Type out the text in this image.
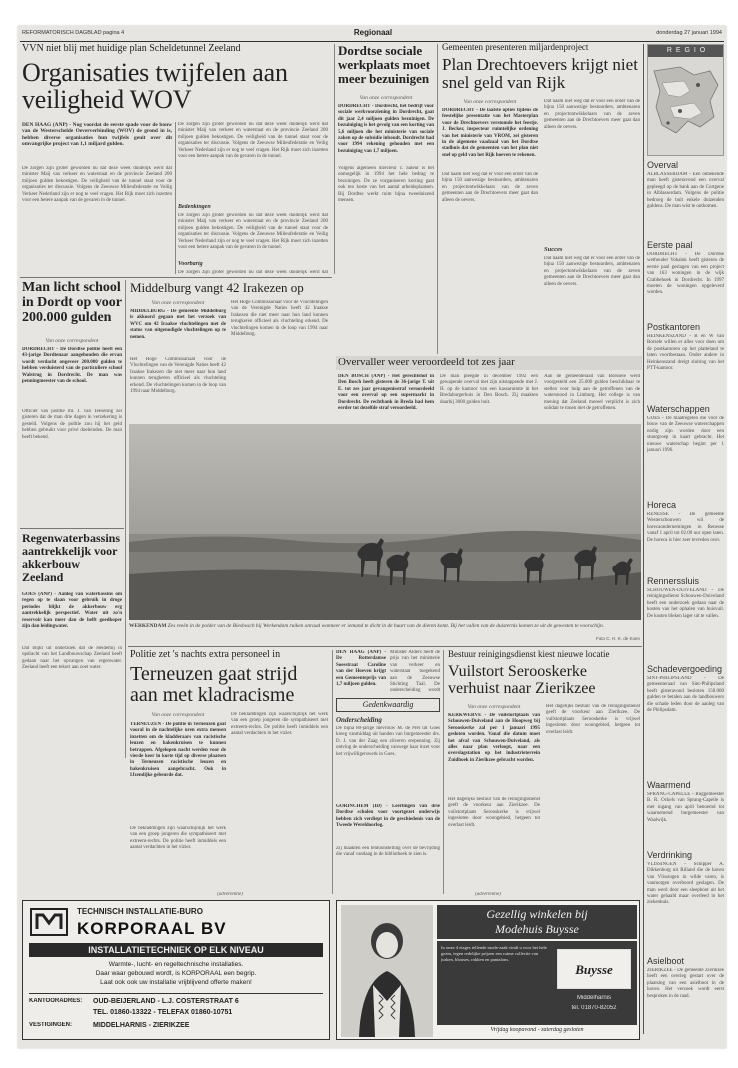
REFORMATORISCH DAGBLAD pagina 4	Regionaal	donderdag 27 januari 1994
VVN niet blij met huidige plan Scheldetunnel Zeeland
Organisaties twijfelen aan veiligheid WOV
DEN HAAG (ANP) - Nog voordat de eerste spade voor de bouw van de Westerschelde Oeververbinding (WOV) de grond in is, hebben diverse organisaties hun twijfels geuit over dit omvangrijke project van 1,1 miljard gulden.
De zorgen zijn groter geworden nu dat deze week duidelijk werd dat minister Maij van verkeer en waterstaat en de provincie Zeeland 200 miljoen gulden bekostigen. De veiligheid van de tunnel staat voor de organisaties ter discussie. Volgens de Zeeuwse Milieufederatie en Veilig Verkeer Nederland zijn er nog te veel vragen. Het Rijk moet zich inzetten voor een betere aanpak van de gevaren in de tunnel.
De zorgen zijn groter geworden nu dat deze week duidelijk werd dat minister Maij van verkeer en waterstaat en de provincie Zeeland 200 miljoen gulden bekostigen. De veiligheid van de tunnel staat voor de organisaties ter discussie. Volgens de Zeeuwse Milieufederatie en Veilig Verkeer Nederland zijn er nog te veel vragen. Het Rijk moet zich inzetten voor een betere aanpak van de gevaren in de tunnel.
Bedenkingen
De zorgen zijn groter geworden nu dat deze week duidelijk werd dat minister Maij van verkeer en waterstaat en de provincie Zeeland 200 miljoen gulden bekostigen. De veiligheid van de tunnel staat voor de organisaties ter discussie. Volgens de Zeeuwse Milieufederatie en Veilig Verkeer Nederland zijn er nog te veel vragen. Het Rijk moet zich inzetten voor een betere aanpak van de gevaren in de tunnel.
Voorbarig
De zorgen zijn groter geworden nu dat deze week duidelijk werd dat
Dordtse sociale werkplaats moet meer bezuinigen
Van onze correspondent
DORDRECHT - Dordrecht, het bedrijf voor sociale werkvoorziening in Dordrecht, gaat dit jaar 2,4 miljoen gulden bezuinigen. De bezuiniging is het gevolg van een korting van 5,6 miljoen die het ministerie van sociale zaken op de subsidie inboudt. Dordrecht had voor 1994 rekening gehouden met een bezuiniging van 1,7 miljoen.
Volgens algemeen directeur T. Sateur is het onmogelijk in 1994 het hele bedrag te bezuinigen. De ze vorganiseren korting gaat ook ten koste van het aantal arbeidsplaatsen. Bij Dordtse werkt ruim bijna tweeduizend mensen.
Gemeenten presenteren miljardenproject
Plan Drechtoevers krijgt niet snel geld van Rijk
Van onze correspondent
DORDRECHT - De laatste opties tijdens de feestelijke presentatie van het Masterplan voor de Drechtoevers verstomde het feestje. J. Becker, inspecteur ruimtelijke ordening van het ministerie van VROM, zei gisteren in de algemene vaadzaal van het Dordtse stadhuis dat de gemeenten van het plan niet snel op geld van het Rijk hoeven te rekenen.
Dat naam niet weg dat er voor een order van de bijna 150 aanwezige bestuurders, ambtenaren en projectontwikkelaars van de zeven gemeenten aan de Drechtoevers meer gaat dan alleen de oevers.
Dat naam niet weg dat er voor een order van de bijna 150 aanwezige bestuurders, ambtenaren en projectontwikkelaars van de zeven gemeenten aan de Drechtoevers meer gaat dan alleen de oevers.
Succes
Dat naam niet weg dat er voor een order van de bijna 150 aanwezige bestuurders, ambtenaren en projectontwikkelaars van de zeven gemeenten aan de Drechtoevers meer gaat dan alleen de oevers.
R E G I O
Overval
ALBLASSERDAM - Een onbekende man heeft gisteravond een overval gepleegd op de bank aan de Cortgene in Alblasserdam. Volgens de politie bedroeg de buit enkele duizenden guldens. De man wist te ontkomen.
Eerste paal
DORDRECHT - De Dordtse wethouder Vokaluk heeft gisteren de eerste paal geslagen van een project van 163 woningen in de wijk Crabbehoek in Dordrecht. In 1997 moeten de woningen opgeleverd worden.
Postkantoren
HEINKENSZAND - B en W van Borsele willen er alles voor doen om de postkantoren op het platteland te laten voortbestaan. Onder andere in Heinkenszand dreigt sluiting van het PTT-kantoor.
Waterschappen
GOES - De maatregelen die voor de bouw van de Zeeuwse waterschappen nodig zijn worden door een stuurgroep in kaart gebracht. Het nieuwe waterschap begint per 1 januari 1996.
Horeca
RENESSE - De gemeente Westerschouwen wil de horecaondernemingen in Renesse vanaf 1 april tot 02.00 uur open laten. De horeca is hier zeer tevreden over.
Rennerssluis
SCHOUWEN-DUIVELAND - De reinigingsdienst Schouwen-Duiveland heeft een onderzoek gedaan naar de kosten van het ophalen van huisvuil. De kosten bleken lager uit te vallen.
Schadevergoeding
SINT-PHILIPSLAND - De gemeenteraad van Sint-Philipsland heeft gisteravond besloten 150.000 gulden te betalen aan de landbouwers die schade leden door de aanleg van de Philipsdam.
Waarmend
SPRANG-CAPELLE - Ruggemeester B. R. Ockels van Sprang-Capelle is met ingang van april benoemd tot waarnemend burgemeester van Waalwijk.
Verdrinking
VLISSINGEN - Schipper A. Dikkenburg uit Rilland die de haven van Vlissingen in wilde varen, is vanmorgen overboord geslagen. De man werd door een sleepboot uit het water gehaald maar overleed in het ziekenhuis.
Asielboot
ZIERIKZEE - De gemeente Zierikzee heeft een overleg gestart over de plaatsing van een asielboot in de haven. Het verzoek wordt eerst besproken in de raad.
Man licht school in Dordt op voor 200.000 gulden
Van onze correspondent
DORDRECHT - De Dordtse politie heeft een 43-jarige Dordtenaar aangehouden die ervan wordt verdacht ongeveer 200.000 gulden te hebben verduisterd van de particuliere school Walstrug in Dordrecht. De man was penningmeester van de school.
Officier van justitie mr. J. van Teeseling zei gisteren dat de man drie dagen in verzekering is gesteld. Volgens de politie zou hij het geld hebben gebruikt voor privé doeleinden. De man heeft bekend.
Regenwaterbassins aantrekkelijk voor akkerbouw Zeeland
GOES (ANP) - Aanleg van waterbassins om regen op te slaan voor gebruik in droge periodes blijkt de akkerbouw erg aantrekkelijk perspectief. Water uit zo'n reservoir kan meer dan de helft goedkoper zijn dan leidingwater.
Dat blijkt uit onderzoek dat de Heidemij in opdracht van het Landbouwschap Zeeland heeft gedaan naar het opvangen van regenwater. Zeeland heeft een tekort aan zoet water.
Middelburg vangt 42 Irakezen op
Van onze correspondent
MIDDELBURG - De gemeente Middelburg is akkoord gegaan met het verzoek van WVC om 42 Iraakse vluchtelingen met de status van uitgenodigde vluchtelingen op te nemen.
Het Hoge Commissariaat voor de Vluchtelingen van de Verenigde Naties heeft 42 Iraakse Irakezen die niet meer naar hun land kunnen terugkeren officieel als vluchteling erkend. De vluchtelingen komen in de loop van 1994 naar Middelburg.
Het Hoge Commissariaat voor de Vluchtelingen van de Verenigde Naties heeft 42 Iraakse Irakezen die niet meer naar hun land kunnen terugkeren officieel als vluchteling erkend. De vluchtelingen komen in de loop van 1994 naar Middelburg.
Overvaller weer veroordeeld tot zes jaar
DEN BOSCH (ANP) - Het gerechtshof in Den Bosch heeft gisteren de 36-jarige T. uit E. tot zes jaar gevangenisstraf veroordeeld voor een overval op een supermarkt in Dordrecht. De rechtbank in Breda had hem eerder tot dezelfde straf veroordeeld.
De man pleegde in december 1992 een gewapende overval met zijn uitstappende met J. H. op de kantoor van een kassaruimte in het Bredaburgerhuis in Den Bosch. Zij maakten daarbij 3000 gulden buit.
Aan de gemeenteraad van Borssele werd voorgesteld een 25.000 gulden beschikbaar te stellen voor hulp aan de getroffenen van de watersnood in Limburg. Het college is van mening dat Zeeland moreel verplicht is zich solidair te tonen met de getroffenen.
WERKENDAM Zes reeën in de polder van de Biesbosch bij Werkendam ruiken onraad wanneer er iemand te dicht in de buurt van de dieren komt. Bij het vallen van de duisternis komen ze uit de gewesten te voorschijn.
Foto C. H. K. de Koen
Politie zet 's nachts extra personeel in
Terneuzen gaat strijd aan met kladracisme
Van onze correspondent
TERNEUZEN - De politie in Terneuzen gaat vooral in de nachtelijke uren extra mensen inzetten om de kladderaars van racistische leuzen en hakenkruisen te kunnen betrappen. Afgelopen nacht werden voor de vierde keer in korte tijd op diverse plaatsen in Terneuzen racistische leuzen en hakenkruisen aangebracht. Ook in IJzendijke gebeurde dat.
De bekladdingen zijn waarschijnlijk het werk van een groep jongeren die sympathiseert met extreem-rechts. De politie heeft inmiddels een aantal verdachten in het vizier.
De bekladdingen zijn waarschijnlijk het werk van een groep jongeren die sympathiseert met extreem-rechts. De politie heeft inmiddels een aantal verdachten in het vizier.
DEN HAAG (ANP) - De Rotterdamse Soesstraat Caroline van der Hoeven krijgt een Gemeenteprijs van 1,7 miljoen gulden.
Minister Alders heeft de prijs van het ministerie van verkeer en waterstaat toegekend aan de Zeeuwse Stichting Taal. De onderscheiding wordt
Gedenkwaardig
Onderscheiding
De bijna 80-jarige mevrouw M. de Prel uit Goes kreeg vanmiddag uit handen van burgemeester drs. D. J. van der Zaag een zilveren erepenning. Zij ontving de onderscheiding vanwege haar inzet voor het vrijwilligerswerk in Goes.
GORINCHEM (ID) - Leerlingen van drie Dordtse scholen voor voortgezet onderwijs hebben zich verdiept in de geschiedenis van de Tweede Wereldoorlog.
Zij maakten een tentoonstelling over de bevrijding die vanaf vandaag in de bibliotheek te zien is.
Bestuur reinigingsdienst kiest nieuwe locatie
Vuilstort Serooskerke verhuist naar Zierikzee
Van onze correspondent
KERKWERVE - De vuilstortplaats van Schouwen-Duiveland aan de Hoopweg bij Serooskerke zal per 1 januari 1995 gesloten worden. Vanaf die datum moet het afval van Schouwen-Duiveland, als alles naar plan verloopt, naar een overslagstation op het industrieterrein Zuidhoek in Zierikzee gebracht worden.
Het dagelijks bestuur van de reinigingsdienst geeft de voorkeur aan Zierikzee. De vuilstortplaats Serooskerke is vrijwel ingesloten door woongebied, hetgeen tot overlast leidt.
Het dagelijks bestuur van de reinigingsdienst geeft de voorkeur aan Zierikzee. De vuilstortplaats Serooskerke is vrijwel ingesloten door woongebied, hetgeen tot overlast leidt.
(advertentie)
TECHNISCH INSTALLATIE-BURO
KORPORAAL BV
INSTALLATIETECHNIEK OP ELK NIVEAU
Warmte-, lucht- en regeltechnische installaties.
Daar waar gebouwd wordt, is KORPORAAL een begrip.
Laat ook ook uw installatie vrijblijvend offerte maken!
KANTOORADRES:	OUD-BEIJERLAND - L.J. COSTERSTRAAT 6
TEL. 01860-13322 - TELEFAX 01860-10751
VESTIGINGEN:	MIDDELHARNIS - ZIERIKZEE
(advertentie)
Gezellig winkelen bij
Modehuis Buysse
In onze 4 etages tellende mode-zaak vindt u voor het hele gezin, tegen redelijke prijzen een ruime collectie van jurken, blouses, rokken en pantalons.
Buysse
Middelharnis
tel. 01870-82052
Vrijdag koopavond - zaterdag gesloten
